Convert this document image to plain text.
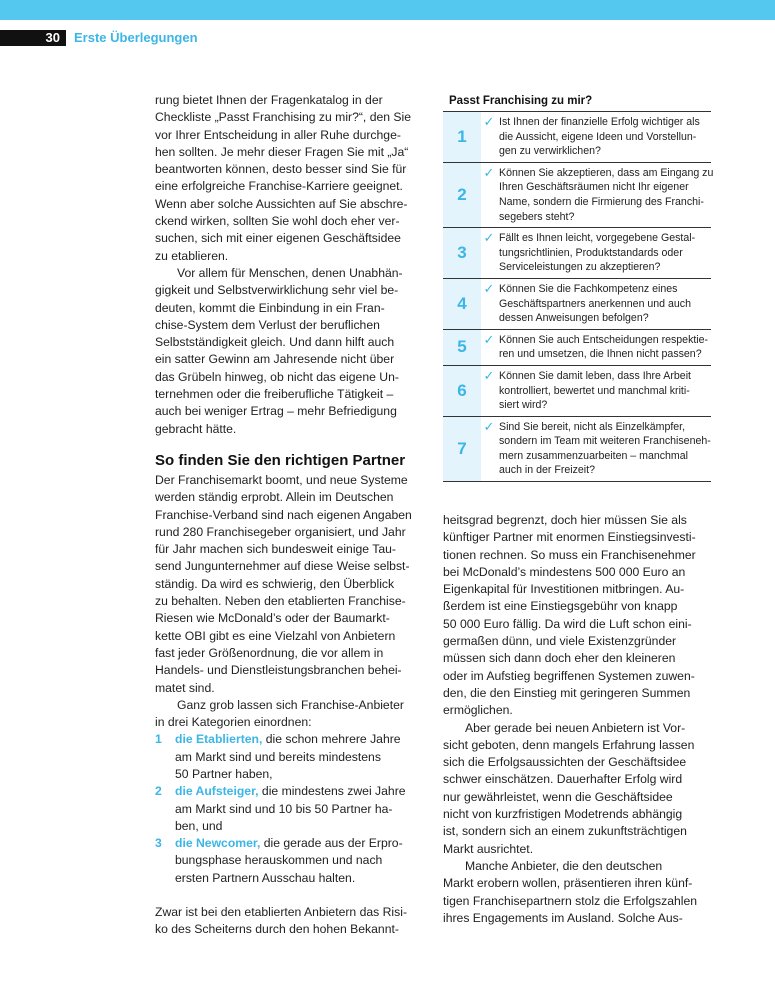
30	Erste Überlegungen

rung bietet Ihnen der Fragenkatalog in der

Checkliste „Passt Franchising zu mir?“, den Sie

vor Ihrer Entscheidung in aller Ruhe durchge-

hen sollten. Je mehr dieser Fragen Sie mit „Ja“

beantworten können, desto besser sind Sie für

eine erfolgreiche Franchise-Karriere geeignet.

Wenn aber solche Aussichten auf Sie abschre-

ckend wirken, sollten Sie wohl doch eher ver-

suchen, sich mit einer eigenen Geschäftsidee

zu etablieren.

Vor allem für Menschen, denen Unabhän-

gigkeit und Selbstverwirklichung sehr viel be-

deuten, kommt die Einbindung in ein Fran-

chise-System dem Verlust der beruflichen

Selbstständigkeit gleich. Und dann hilft auch

ein satter Gewinn am Jahresende nicht über

das Grübeln hinweg, ob nicht das eigene Un-

ternehmen oder die freiberufliche Tätigkeit –

auch bei weniger Ertrag – mehr Befriedigung

gebracht hätte.

So finden Sie den richtigen Partner

Der Franchisemarkt boomt, und neue Systeme

werden ständig erprobt. Allein im Deutschen

Franchise-Verband sind nach eigenen Angaben

rund 280 Franchisegeber organisiert, und Jahr

für Jahr machen sich bundesweit einige Tau-

send Jungunternehmer auf diese Weise selbst-

ständig. Da wird es schwierig, den Überblick

zu behalten. Neben den etablierten Franchise-

Riesen wie McDonald’s oder der Baumarkt-

kette OBI gibt es eine Vielzahl von Anbietern

fast jeder Größenordnung, die vor allem in

Handels- und Dienstleistungsbranchen behei-

matet sind.

Ganz grob lassen sich Franchise-Anbieter

in drei Kategorien einordnen:

1	die Etablierten, die schon mehrere Jahre

am Markt sind und bereits mindestens

50 Partner haben,

2	die Aufsteiger, die mindestens zwei Jahre

am Markt sind und 10 bis 50 Partner ha-

ben, und

3	die Newcomer, die gerade aus der Erpro-

bungsphase herauskommen und nach

ersten Partnern Ausschau halten.

Zwar ist bei den etablierten Anbietern das Risi-

ko des Scheiterns durch den hohen Bekannt-

Passt Franchising zu mir?
1
✓ Ist Ihnen der finanzielle Erfolg wichtiger als
die Aussicht, eigene Ideen und Vorstellun-
gen zu verwirklichen?
2
✓ Können Sie akzeptieren, dass am Eingang zu
Ihren Geschäftsräumen nicht Ihr eigener
Name, sondern die Firmierung des Franchi-
segebers steht?
3
✓ Fällt es Ihnen leicht, vorgegebene Gestal-
tungsrichtlinien, Produktstandards oder
Serviceleistungen zu akzeptieren?
4
✓ Können Sie die Fachkompetenz eines
Geschäftspartners anerkennen und auch
dessen Anweisungen befolgen?
5	✓ Können Sie auch Entscheidungen respektie-
ren und umsetzen, die Ihnen nicht passen?
6
✓ Können Sie damit leben, dass Ihre Arbeit
kontrolliert, bewertet und manchmal kriti-
siert wird?
7
✓ Sind Sie bereit, nicht als Einzelkämpfer,
sondern im Team mit weiteren Franchiseneh-
mern zusammenzuarbeiten – manchmal
auch in der Freizeit?

heitsgrad begrenzt, doch hier müssen Sie als

künftiger Partner mit enormen Einstiegsinvesti-

tionen rechnen. So muss ein Franchisenehmer

bei McDonald’s mindestens 500 000 Euro an

Eigenkapital für Investitionen mitbringen. Au-

ßerdem ist eine Einstiegsgebühr von knapp

50 000 Euro fällig. Da wird die Luft schon eini-

germaßen dünn, und viele Existenzgründer

müssen sich dann doch eher den kleineren

oder im Aufstieg begriffenen Systemen zuwen-

den, die den Einstieg mit geringeren Summen

ermöglichen.

Aber gerade bei neuen Anbietern ist Vor-

sicht geboten, denn mangels Erfahrung lassen

sich die Erfolgsaussichten der Geschäftsidee

schwer einschätzen. Dauerhafter Erfolg wird

nur gewährleistet, wenn die Geschäftsidee

nicht von kurzfristigen Modetrends abhängig

ist, sondern sich an einem zukunftsträchtigen

Markt ausrichtet.

Manche Anbieter, die den deutschen

Markt erobern wollen, präsentieren ihren künf-

tigen Franchisepartnern stolz die Erfolgszahlen

ihres Engagements im Ausland. Solche Aus-
